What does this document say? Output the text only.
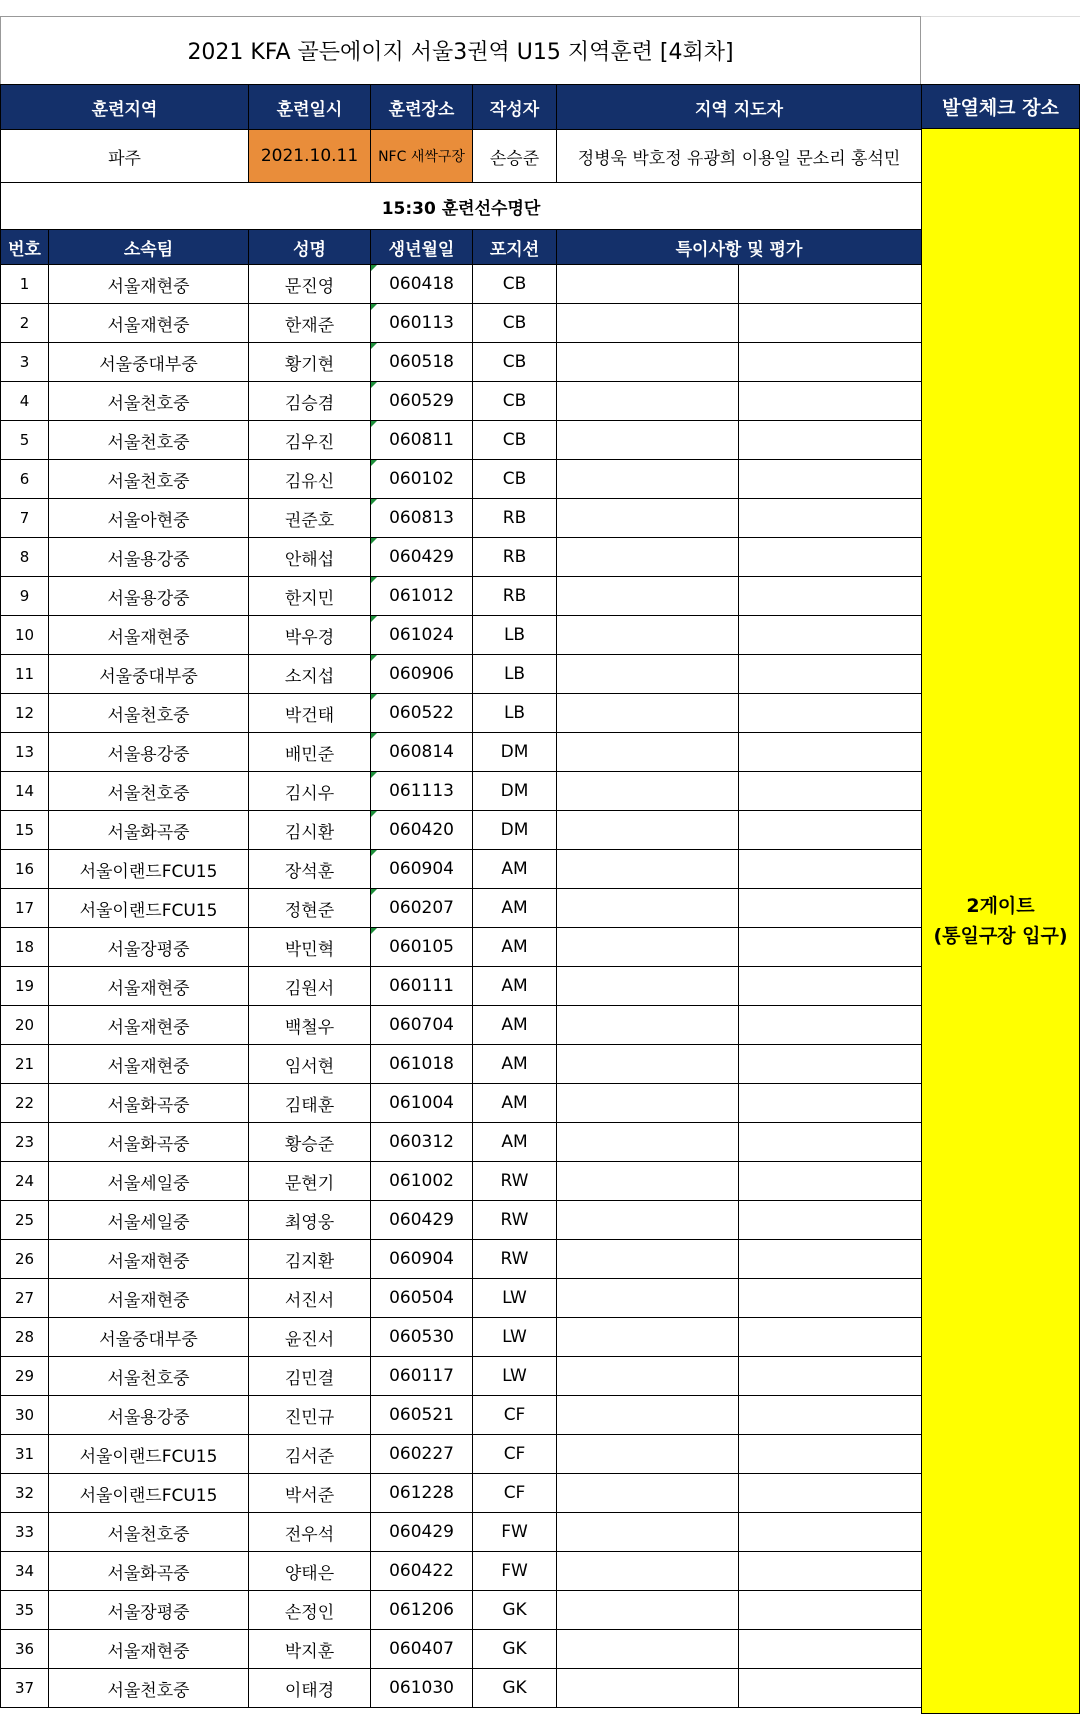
2021 KFA 골든에이지 서울3권역 U15 지역훈련 [4회차]
훈련지역		훈련일시	훈련장소	작성자	지역 지도자	
파주		2021.10.11	NFC 새싹구장	손승준	정병욱 박호정 유광희 이용일 문소리 홍석민	
15:30 훈련선수명단						
번호	소속팀	성명	생년월일	포지션	특이사항 및 평가	
1	서울재현중	문진영	060418	CB		
2	서울재현중	한재준	060113	CB		
3	서울중대부중	황기현	060518	CB		
4	서울천호중	김승겸	060529	CB		
5	서울천호중	김우진	060811	CB		
6	서울천호중	김유신	060102	CB		
7	서울아현중	권준호	060813	RB		
8	서울용강중	안해섭	060429	RB		
9	서울용강중	한지민	061012	RB		
10	서울재현중	박우경	061024	LB		
11	서울중대부중	소지섭	060906	LB		
12	서울천호중	박건태	060522	LB		
13	서울용강중	배민준	060814	DM		
14	서울천호중	김시우	061113	DM		
15	서울화곡중	김시환	060420	DM		
16	서울이랜드FCU15	장석훈	060904	AM		
17	서울이랜드FCU15	정현준	060207	AM		
18	서울장평중	박민혁	060105	AM		
19	서울재현중	김원서	060111	AM		
20	서울재현중	백철우	060704	AM		
21	서울재현중	임서현	061018	AM		
22	서울화곡중	김태훈	061004	AM		
23	서울화곡중	황승준	060312	AM		
24	서울세일중	문현기	061002	RW		
25	서울세일중	최영웅	060429	RW		
26	서울재현중	김지환	060904	RW		
27	서울재현중	서진서	060504	LW		
28	서울중대부중	윤진서	060530	LW		
29	서울천호중	김민결	060117	LW		
30	서울용강중	진민규	060521	CF		
31	서울이랜드FCU15	김서준	060227	CF		
32	서울이랜드FCU15	박서준	061228	CF		
33	서울천호중	전우석	060429	FW		
34	서울화곡중	양태은	060422	FW		
35	서울장평중	손정인	061206	GK		
36	서울재현중	박지훈	060407	GK		
37	서울천호중	이태경	061030	GK		
발열체크 장소
2게이트
(통일구장 입구)
